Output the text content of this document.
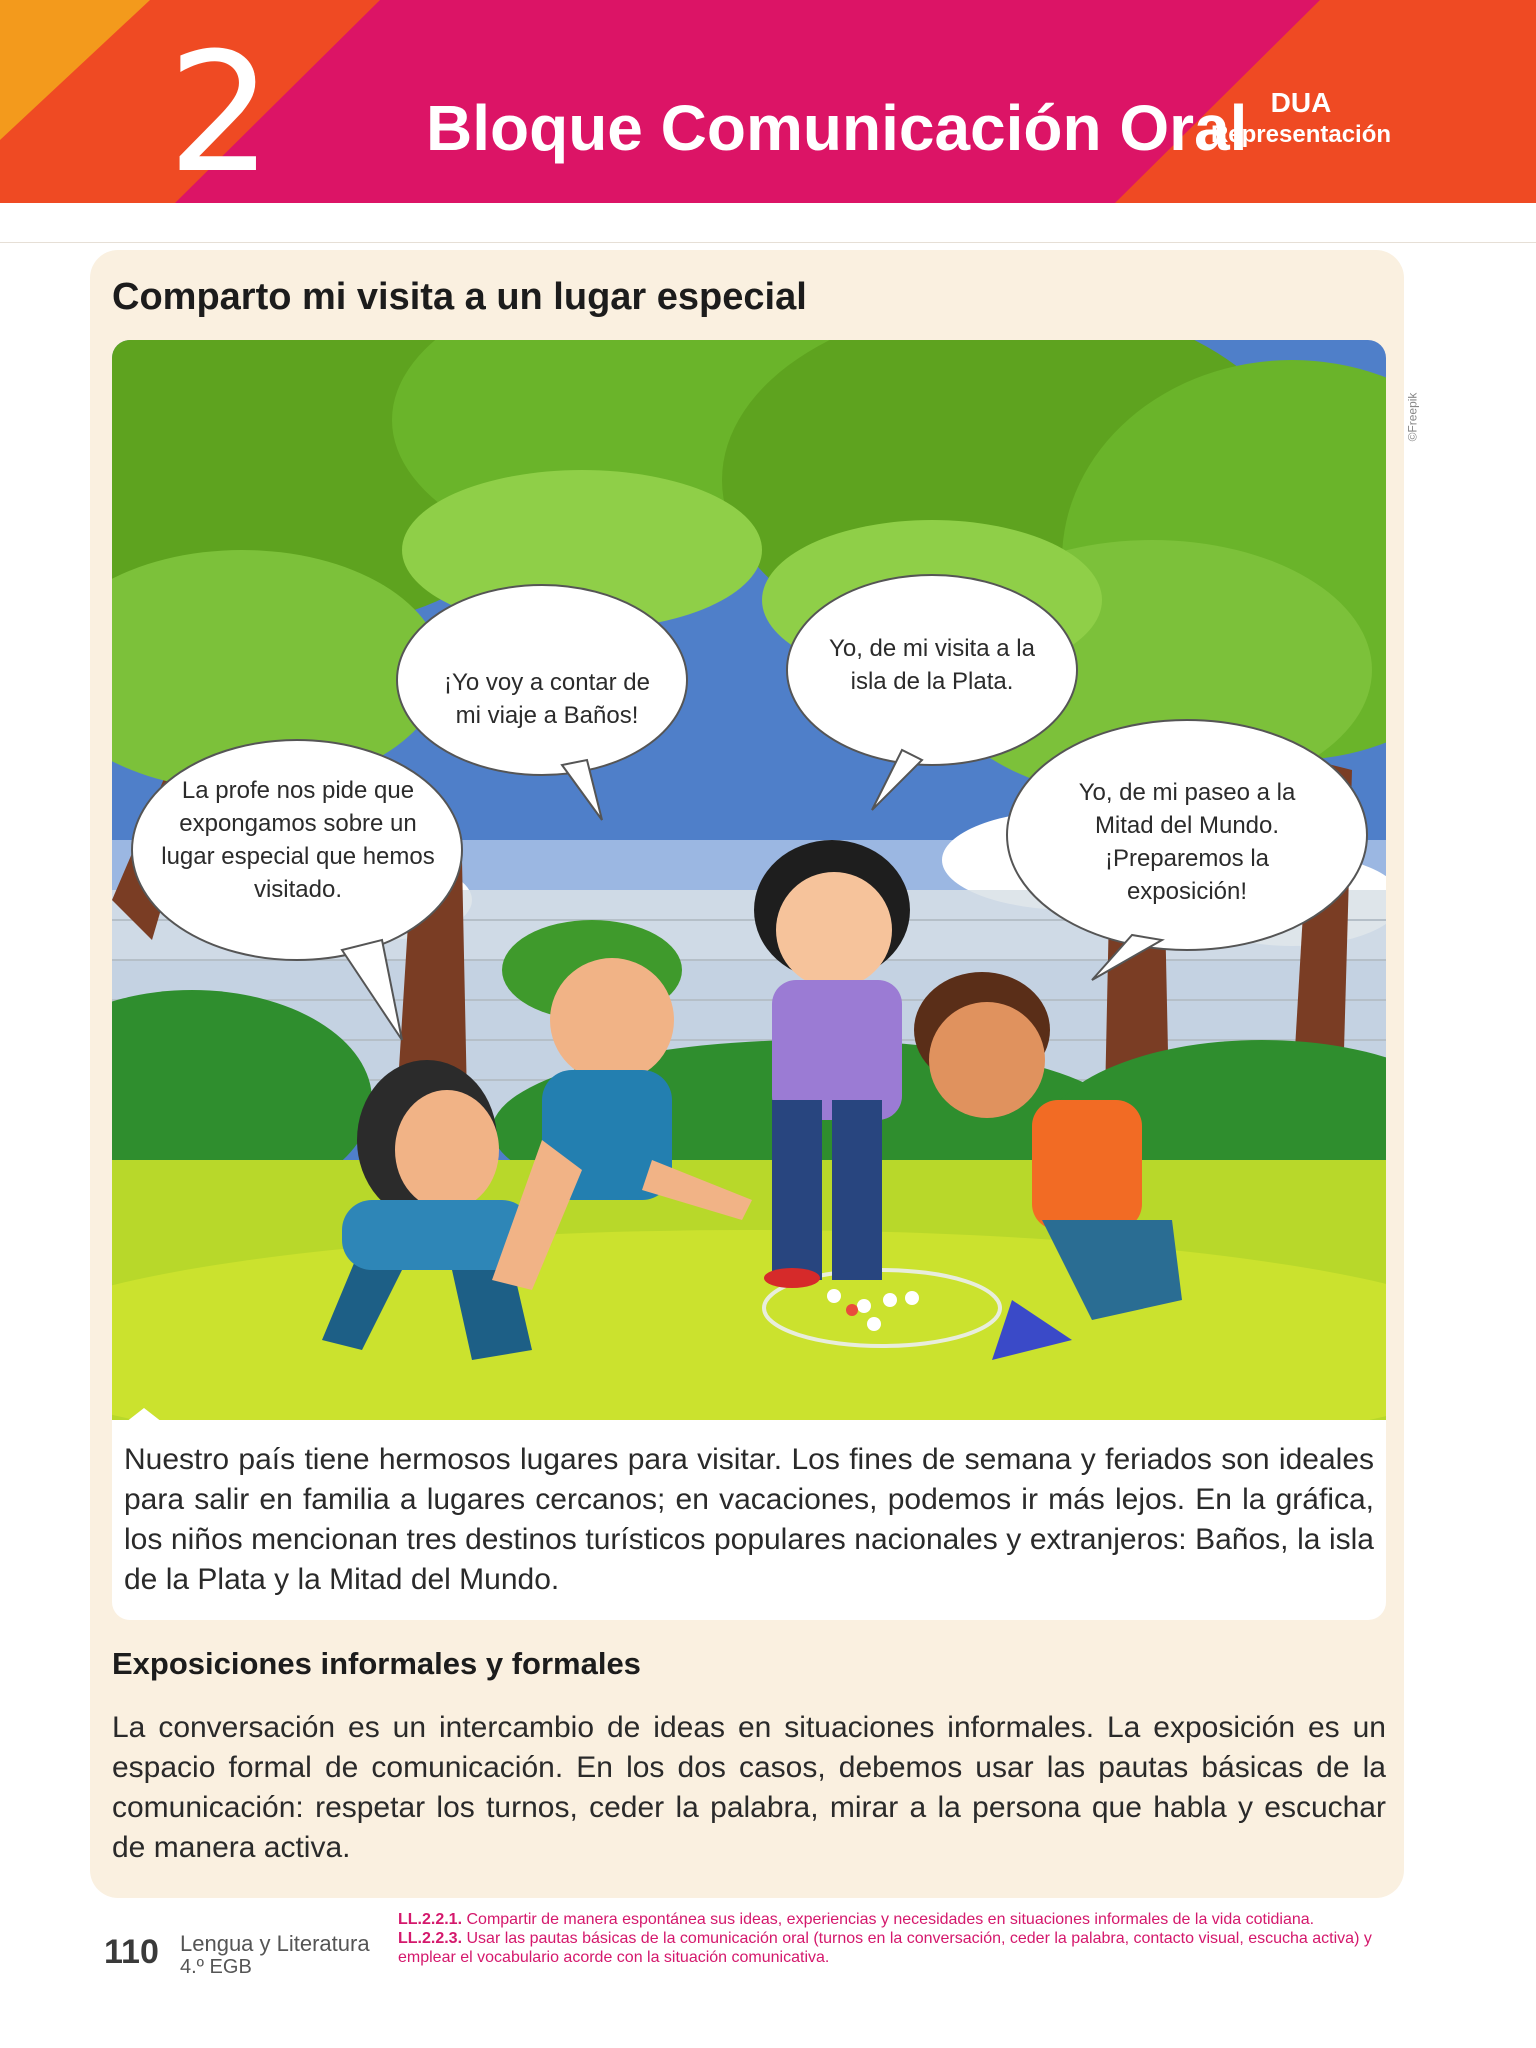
2	Bloque Comunicación Oral DUA
Representación
Comparto mi visita a un lugar especial
La profe nos pide que expongamos sobre un lugar especial que hemos visitado.
¡Yo voy a contar de mi viaje a Baños!
Yo, de mi visita a la isla de la Plata.
Yo, de mi paseo a la Mitad del Mundo. ¡Preparemos la exposición!
Nuestro país tiene hermosos lugares para visitar. Los fines de semana y feriados son ideales para salir en familia a lugares cercanos; en vacaciones, podemos ir más lejos. En la gráfica, los niños mencionan tres destinos turísticos populares nacionales y extranjeros: Baños, la isla de la Plata y la Mitad del Mundo.
Exposiciones informales y formales
La conversación es un intercambio de ideas en situaciones informales. La exposición es un espacio formal de comunicación. En los dos casos, debemos usar las pautas básicas de la comunicación: respetar los turnos, ceder la palabra, mirar a la persona que habla y escuchar de manera activa.
©Freepik
110 Lengua y Literatura
4.º EGB
LL.2.2.1. Compartir de manera espontánea sus ideas, experiencias y necesidades en situaciones informales de la vida cotidiana.
LL.2.2.3. Usar las pautas básicas de la comunicación oral (turnos en la conversación, ceder la palabra, contacto visual, escucha activa) y emplear el vocabulario acorde con la situación comunicativa.
